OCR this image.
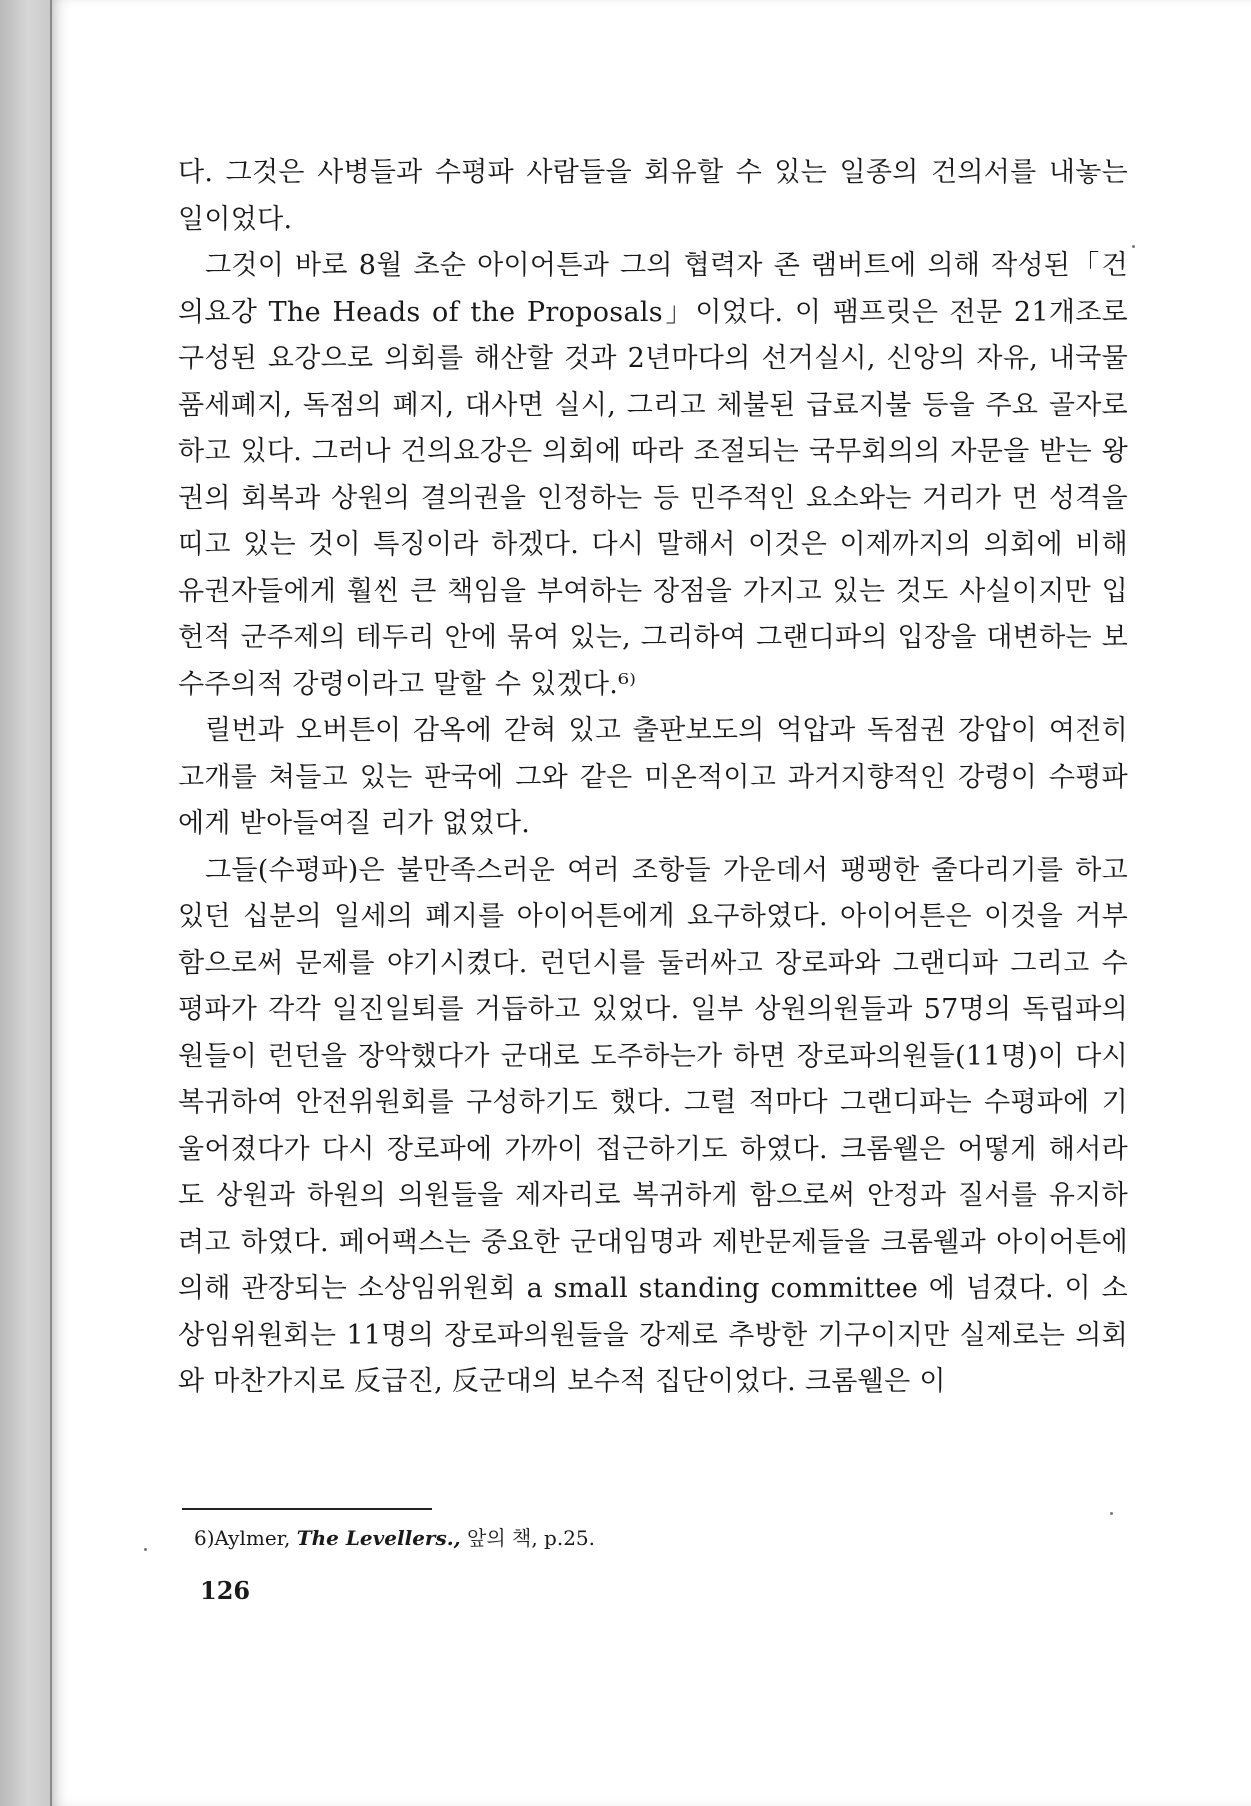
다. 그것은 사병들과 수평파 사람들을 회유할 수 있는 일종의 건의서를 내놓는 일이었다.

그것이 바로 8월 초순 아이어튼과 그의 협력자 존 램버트에 의해 작성된「건의요강 The Heads of the Proposals」이었다. 이 팸프릿은 전문 21개조로 구성된 요강으로 의회를 해산할 것과 2년마다의 선거실시, 신앙의 자유, 내국물품세폐지, 독점의 폐지, 대사면 실시, 그리고 체불된 급료지불 등을 주요 골자로 하고 있다. 그러나 건의요강은 의회에 따라 조절되는 국무회의의 자문을 받는 왕권의 회복과 상원의 결의권을 인정하는 등 민주적인 요소와는 거리가 먼 성격을 띠고 있는 것이 특징이라 하겠다. 다시 말해서 이것은 이제까지의 의회에 비해 유권자들에게 훨씬 큰 책임을 부여하는 장점을 가지고 있는 것도 사실이지만 입헌적 군주제의 테두리 안에 묶여 있는, 그리하여 그랜디파의 입장을 대변하는 보수주의적 강령이라고 말할 수 있겠다.⁶⁾

릴번과 오버튼이 감옥에 갇혀 있고 출판보도의 억압과 독점권 강압이 여전히 고개를 쳐들고 있는 판국에 그와 같은 미온적이고 과거지향적인 강령이 수평파에게 받아들여질 리가 없었다.

그들(수평파)은 불만족스러운 여러 조항들 가운데서 팽팽한 줄다리기를 하고 있던 십분의 일세의 폐지를 아이어튼에게 요구하였다. 아이어튼은 이것을 거부함으로써 문제를 야기시켰다. 런던시를 둘러싸고 장로파와 그랜디파 그리고 수평파가 각각 일진일퇴를 거듭하고 있었다. 일부 상원의원들과 57명의 독립파의원들이 런던을 장악했다가 군대로 도주하는가 하면 장로파의원들(11명)이 다시 복귀하여 안전위원회를 구성하기도 했다. 그럴 적마다 그랜디파는 수평파에 기울어졌다가 다시 장로파에 가까이 접근하기도 하였다. 크롬웰은 어떻게 해서라도 상원과 하원의 의원들을 제자리로 복귀하게 함으로써 안정과 질서를 유지하려고 하였다. 페어팩스는 중요한 군대임명과 제반문제들을 크롬웰과 아이어튼에 의해 관장되는 소상임위원회 a small standing committee 에 넘겼다. 이 소상임위원회는 11명의 장로파의원들을 강제로 추방한 기구이지만 실제로는 의회와 마찬가지로 反급진, 反군대의 보수적 집단이었다. 크롬웰은 이

6)Aylmer, The Levellers., 앞의 책, p.25.

126
